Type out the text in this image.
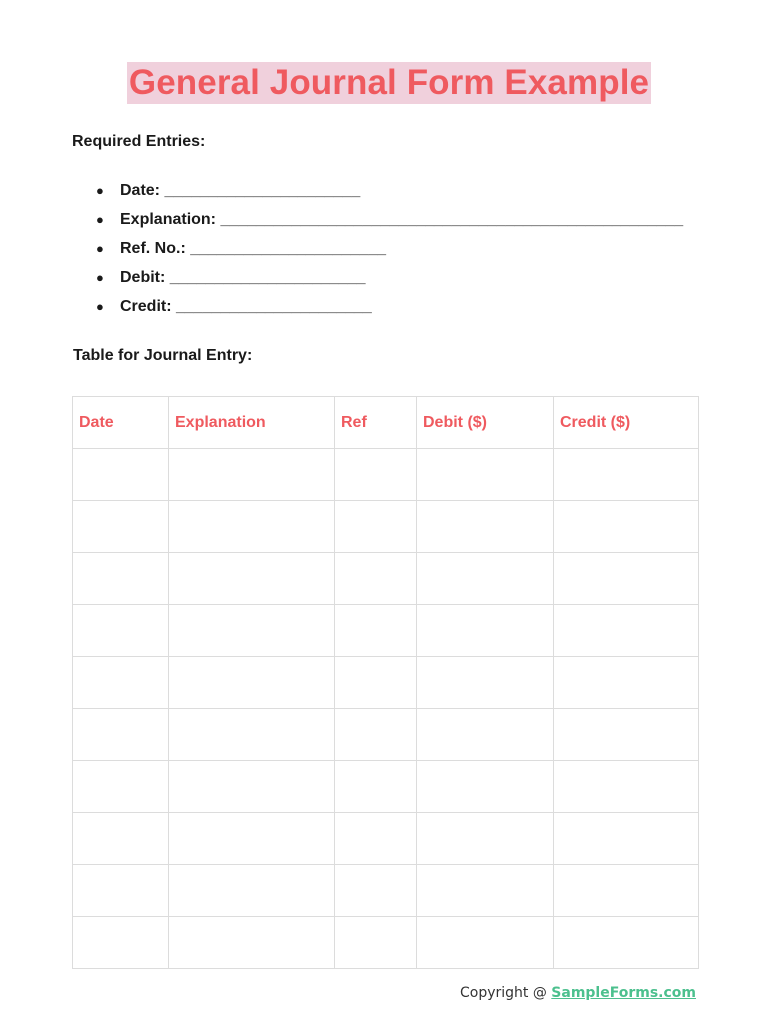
General Journal Form Example
Required Entries:
●	Date: ______________________
●	Explanation: ____________________________________________________
●	Ref. No.: ______________________
●	Debit: ______________________
●	Credit: ______________________
Table for Journal Entry:
Date	Explanation	Ref	Debit ($)	Credit ($)

Copyright @ SampleForms.com
